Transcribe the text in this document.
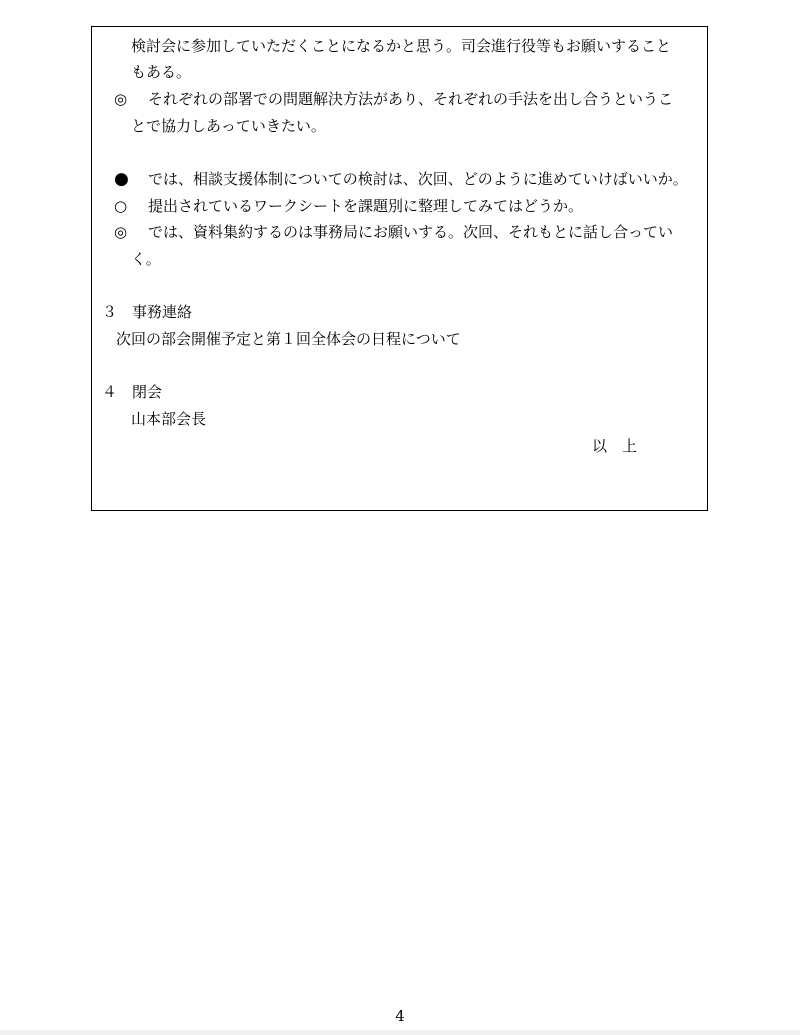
検討会に参加していただくことになるかと思う。司会進行役等もお願いすること
もある。
◎ それぞれの部署での問題解決方法があり、それぞれの手法を出し合うというこ
とで協力しあっていきたい。
● では、相談支援体制についての検討は、次回、どのように進めていけばいいか。
○ 提出されているワークシートを課題別に整理してみてはどうか。
◎ では、資料集約するのは事務局にお願いする。次回、それもとに話し合ってい
く。
３　事務連絡
次回の部会開催予定と第１回全体会の日程について
４　閉会
山本部会長
以　上
4
